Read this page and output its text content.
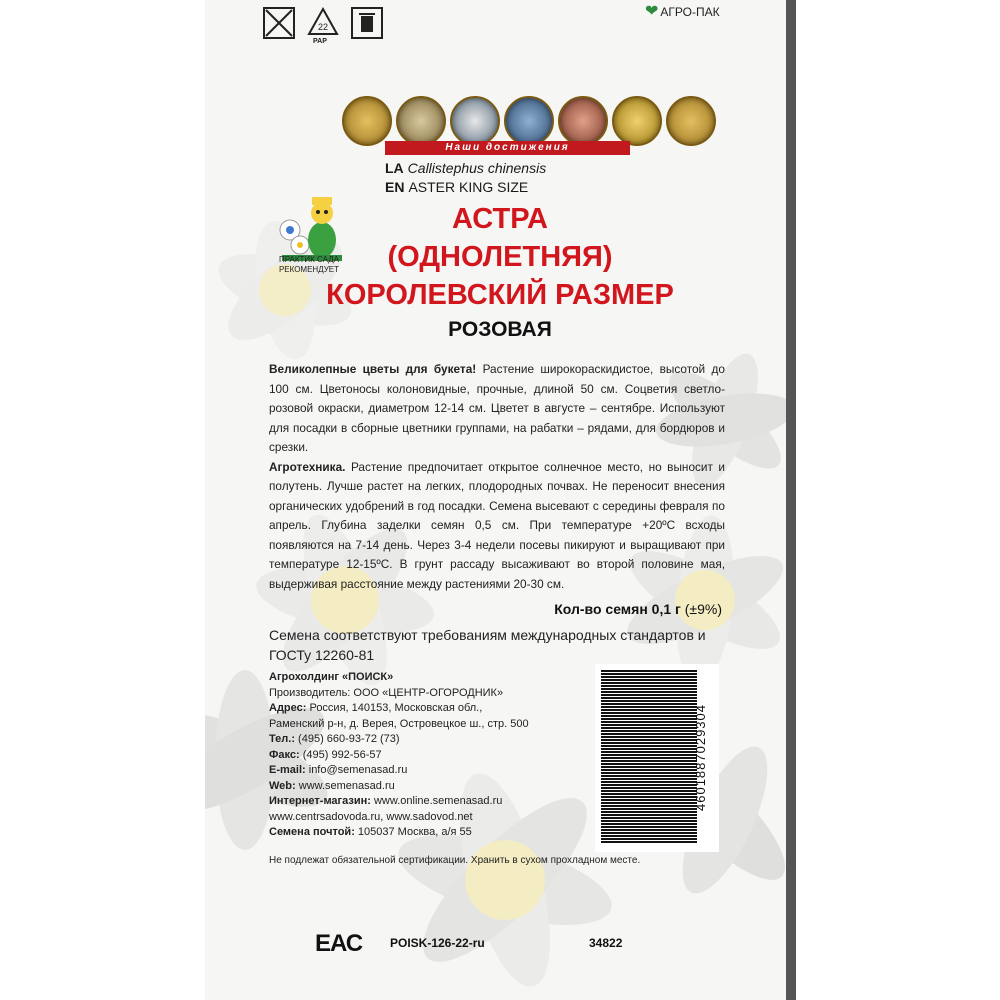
22
PAP
❤ АГРО-ПАК
Наши достижения
LA Callistephus chinensis
EN ASTER KING SIZE
ПРАКТИК САДА РЕКОМЕНДУЕТ
АСТРА
(ОДНОЛЕТНЯЯ)
КОРОЛЕВСКИЙ РАЗМЕР
РОЗОВАЯ
Великолепные цветы для букета! Растение широкораскидистое, высотой до 100 см. Цветоносы колоновидные, прочные, длиной 50 см. Соцветия светло-розовой окраски, диаметром 12-14 см. Цветет в августе – сентябре. Используют для посадки в сборные цветники группами, на рабатки – рядами, для бордюров и срезки.
Агротехника. Растение предпочитает открытое солнечное место, но выносит и полутень. Лучше растет на легких, плодородных почвах. Не переносит внесения органических удобрений в год посадки. Семена высевают с середины февраля по апрель. Глубина заделки семян 0,5 см. При температуре +20ºС всходы появляются на 7-14 день. Через 3-4 недели посевы пикируют и выращивают при температуре 12-15ºС. В грунт рассаду высаживают во второй половине мая, выдерживая расстояние между растениями 20-30 см.
Кол-во семян 0,1 г (±9%)
Семена соответствуют требованиям международных стандартов и ГОСТу 12260-81
Агрохолдинг «ПОИСК»
Производитель: ООО «ЦЕНТР-ОГОРОДНИК»
Адрес: Россия, 140153, Московская обл.,
Раменский р-н, д. Верея, Островецкое ш., стр. 500
Тел.: (495) 660-93-72 (73)
Факс: (495) 992-56-57
E-mail: info@semenasad.ru
Web: www.semenasad.ru
Интернет-магазин: www.online.semenasad.ru
www.centrsadovoda.ru, www.sadovod.net
Семена почтой: 105037 Москва, а/я 55
4601887029304
Не подлежат обязательной сертификации. Хранить в сухом прохладном месте.
ЕАС POISK-126-22-ru	34822
